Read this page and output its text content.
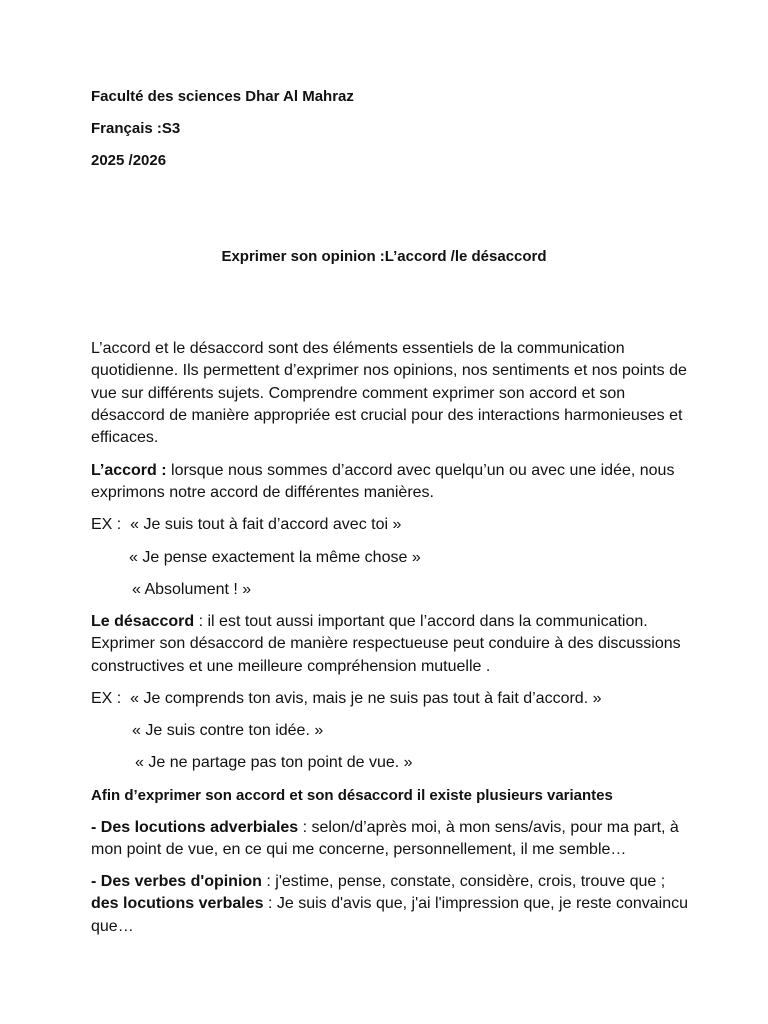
Faculté des sciences Dhar Al Mahraz
Français :S3
2025 /2026
Exprimer son opinion :L’accord /le désaccord
L’accord et le désaccord sont des éléments essentiels de la communication quotidienne. Ils permettent d’exprimer nos opinions, nos sentiments et nos points de vue sur différents sujets. Comprendre comment exprimer son accord et son désaccord de manière appropriée est crucial pour des interactions harmonieuses et efficaces.
L’accord : lorsque nous sommes d’accord avec quelqu’un ou avec une idée, nous exprimons notre accord de différentes manières.
EX : « Je suis tout à fait d’accord avec toi »
« Je pense exactement la même chose »
« Absolument ! »
Le désaccord : il est tout aussi important que l’accord dans la communication. Exprimer son désaccord de manière respectueuse peut conduire à des discussions constructives et une meilleure compréhension mutuelle .
EX : « Je comprends ton avis, mais je ne suis pas tout à fait d’accord. »
« Je suis contre ton idée. »
« Je ne partage pas ton point de vue. »
Afin d’exprimer son accord et son désaccord il existe plusieurs variantes
- Des locutions adverbiales : selon/d’après moi, à mon sens/avis, pour ma part, à mon point de vue, en ce qui me concerne, personnellement, il me semble…
- Des verbes d'opinion : j'estime, pense, constate, considère, crois, trouve que ; des locutions verbales : Je suis d'avis que, j'ai l'impression que, je reste convaincu que…
